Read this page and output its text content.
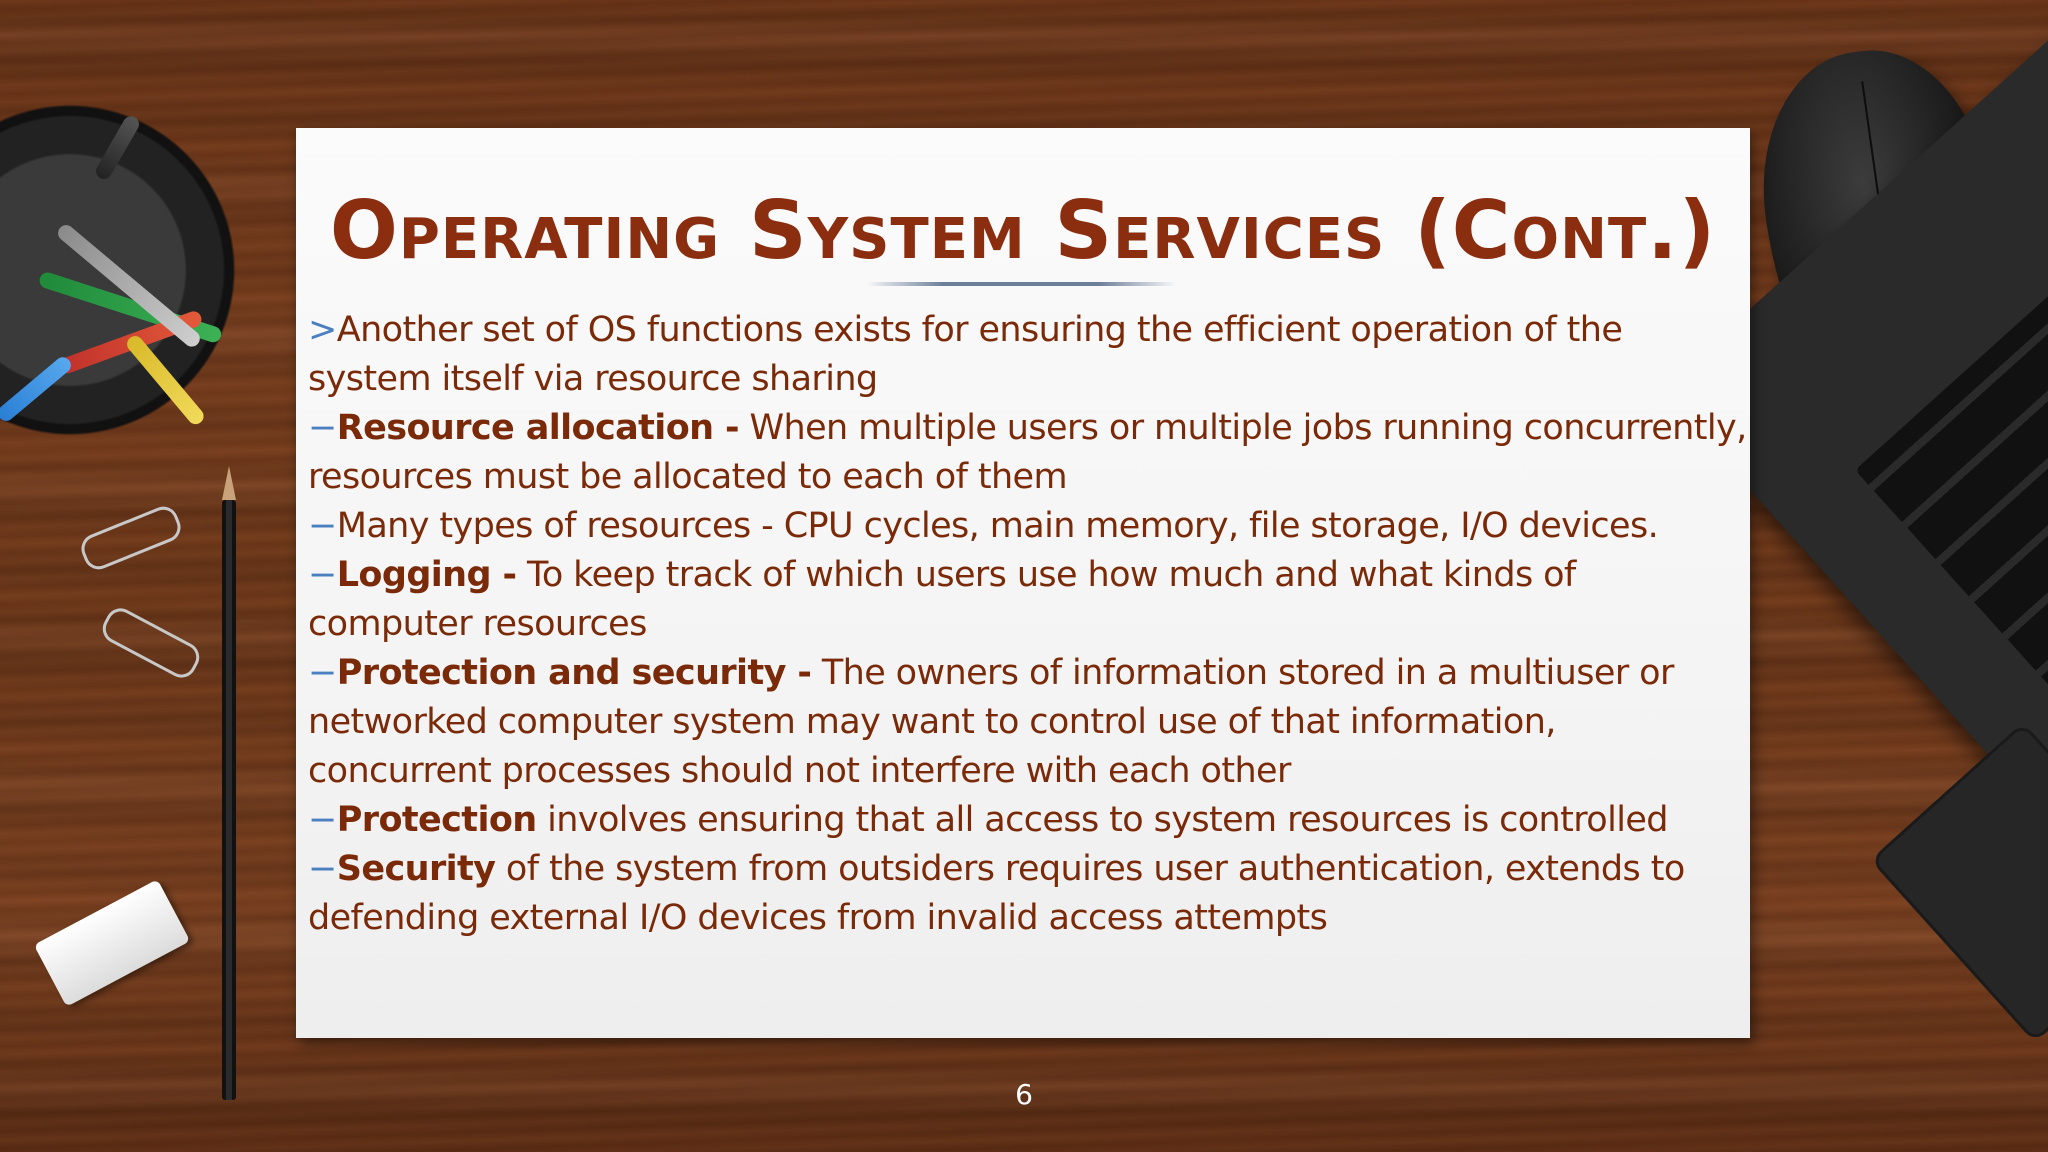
Operating System Services (Cont.)

>Another set of OS functions exists for ensuring the efficient operation of the system itself via resource sharing

−Resource allocation - When multiple users or multiple jobs running concurrently, resources must be allocated to each of them

−Many types of resources - CPU cycles, main memory, file storage, I/O devices.

−Logging - To keep track of which users use how much and what kinds of computer resources

−Protection and security - The owners of information stored in a multiuser or networked computer system may want to control use of that information, concurrent processes should not interfere with each other

−Protection involves ensuring that all access to system resources is controlled

−Security of the system from outsiders requires user authentication, extends to defending external I/O devices from invalid access attempts

6
